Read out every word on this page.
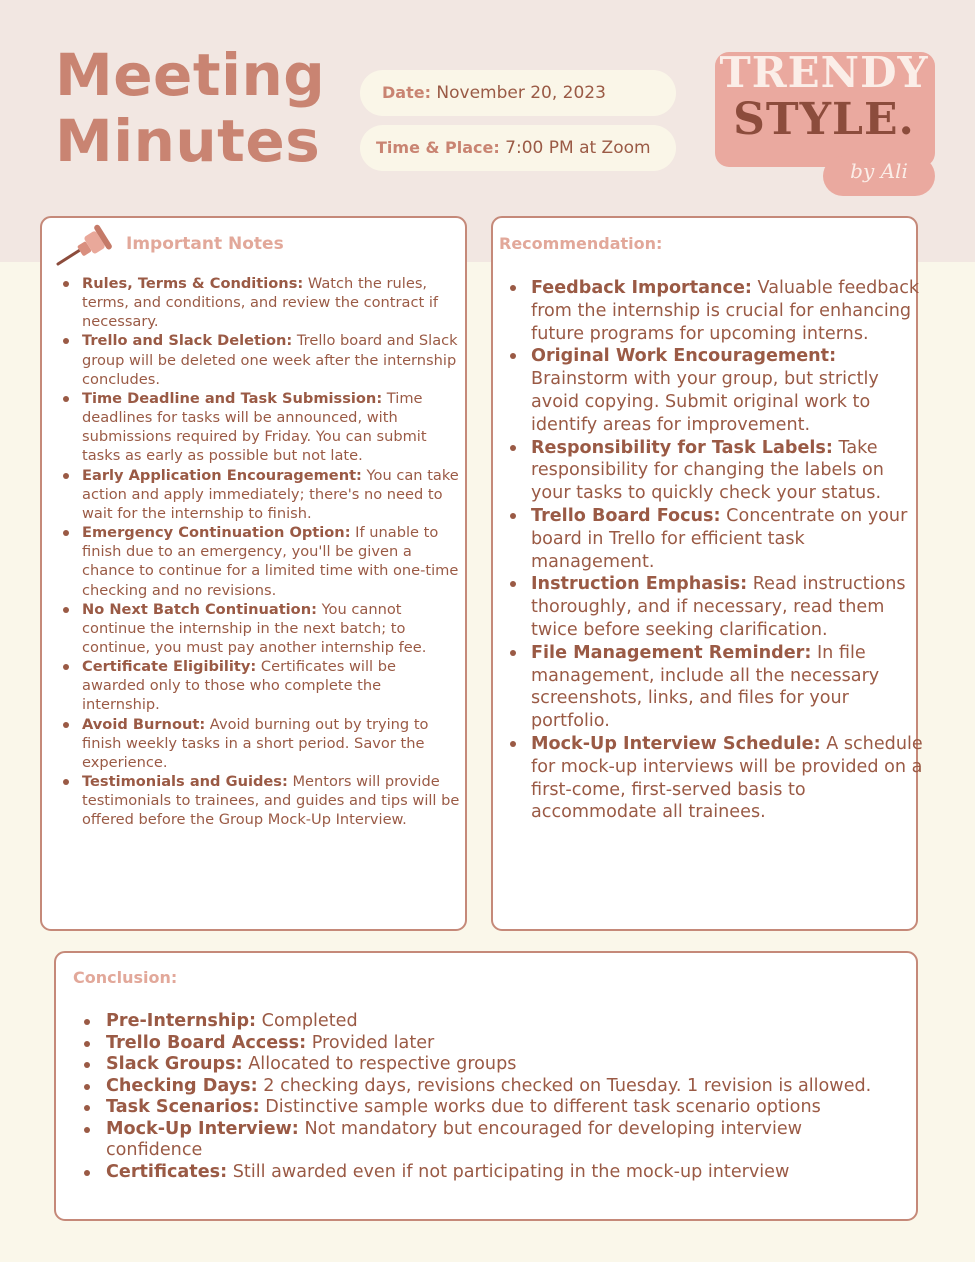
Meeting
Minutes
Date: November 20, 2023
Time & Place: 7:00 PM at Zoom
TRENDY
STYLE.
by Ali
Important Notes
Rules, Terms & Conditions: Watch the rules, terms, and conditions, and review the contract if necessary.
Trello and Slack Deletion: Trello board and Slack group will be deleted one week after the internship concludes.
Time Deadline and Task Submission: Time deadlines for tasks will be announced, with submissions required by Friday. You can submit tasks as early as possible but not late.
Early Application Encouragement: You can take action and apply immediately; there's no need to wait for the internship to finish.
Emergency Continuation Option: If unable to finish due to an emergency, you'll be given a chance to continue for a limited time with one-time checking and no revisions.
No Next Batch Continuation: You cannot continue the internship in the next batch; to continue, you must pay another internship fee.
Certificate Eligibility: Certificates will be awarded only to those who complete the internship.
Avoid Burnout: Avoid burning out by trying to finish weekly tasks in a short period. Savor the experience.
Testimonials and Guides: Mentors will provide testimonials to trainees, and guides and tips will be offered before the Group Mock-Up Interview.
Recommendation:
Feedback Importance: Valuable feedback from the internship is crucial for enhancing future programs for upcoming interns.
Original Work Encouragement: Brainstorm with your group, but strictly avoid copying. Submit original work to identify areas for improvement.
Responsibility for Task Labels: Take responsibility for changing the labels on your tasks to quickly check your status.
Trello Board Focus: Concentrate on your board in Trello for efficient task management.
Instruction Emphasis: Read instructions thoroughly, and if necessary, read them twice before seeking clarification.
File Management Reminder: In file management, include all the necessary screenshots, links, and files for your portfolio.
Mock-Up Interview Schedule: A schedule for mock-up interviews will be provided on a first-come, first-served basis to accommodate all trainees.
Conclusion:
Pre-Internship: Completed
Trello Board Access: Provided later
Slack Groups: Allocated to respective groups
Checking Days: 2 checking days, revisions checked on Tuesday. 1 revision is allowed.
Task Scenarios: Distinctive sample works due to different task scenario options
Mock-Up Interview: Not mandatory but encouraged for developing interview confidence
Certificates: Still awarded even if not participating in the mock-up interview
